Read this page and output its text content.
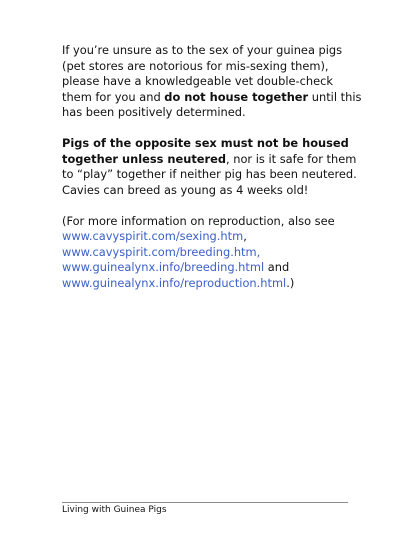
If you’re unsure as to the sex of your guinea pigs (pet stores are notorious for mis-sexing them), please have a knowledgeable vet double-check them for you and do not house together until this has been positively determined.

Pigs of the opposite sex must not be housed together unless neutered, nor is it safe for them to “play” together if neither pig has been neutered. Cavies can breed as young as 4 weeks old!

(For more information on reproduction, also see
www.cavyspirit.com/sexing.htm,
www.cavyspirit.com/breeding.htm,
www.guinealynx.info/breeding.html and
www.guinealynx.info/reproduction.html.)

Living with Guinea Pigs
